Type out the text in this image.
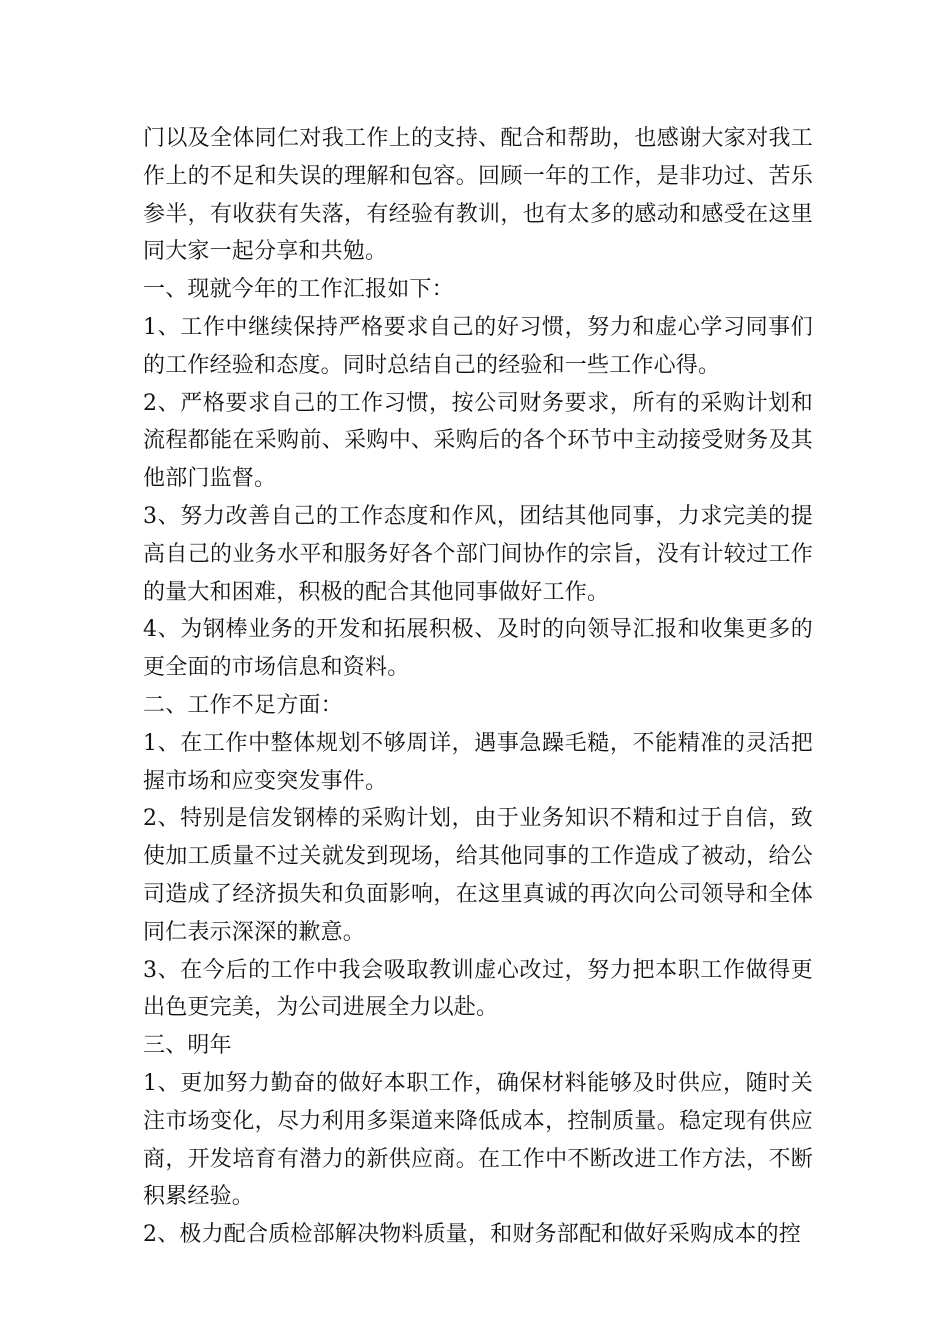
门以及全体同仁对我工作上的支持、配合和帮助，也感谢大家对我工作上的不足和失误的理解和包容。回顾一年的工作，是非功过、苦乐参半，有收获有失落，有经验有教训，也有太多的感动和感受在这里同大家一起分享和共勉。

一、现就今年的工作汇报如下：

1、工作中继续保持严格要求自己的好习惯，努力和虚心学习同事们的工作经验和态度。同时总结自己的经验和一些工作心得。

2、严格要求自己的工作习惯，按公司财务要求，所有的采购计划和流程都能在采购前、采购中、采购后的各个环节中主动接受财务及其他部门监督。

3、努力改善自己的工作态度和作风，团结其他同事，力求完美的提高自己的业务水平和服务好各个部门间协作的宗旨，没有计较过工作的量大和困难，积极的配合其他同事做好工作。

4、为钢棒业务的开发和拓展积极、及时的向领导汇报和收集更多的更全面的市场信息和资料。

二、工作不足方面：

1、在工作中整体规划不够周详，遇事急躁毛糙，不能精准的灵活把握市场和应变突发事件。

2、特别是信发钢棒的采购计划，由于业务知识不精和过于自信，致使加工质量不过关就发到现场，给其他同事的工作造成了被动，给公司造成了经济损失和负面影响，在这里真诚的再次向公司领导和全体同仁表示深深的歉意。

3、在今后的工作中我会吸取教训虚心改过，努力把本职工作做得更出色更完美，为公司进展全力以赴。

三、明年

1、更加努力勤奋的做好本职工作，确保材料能够及时供应，随时关注市场变化，尽力利用多渠道来降低成本，控制质量。稳定现有供应商，开发培育有潜力的新供应商。在工作中不断改进工作方法，不断积累经验。

2、极力配合质检部解决物料质量，和财务部配和做好采购成本的控
